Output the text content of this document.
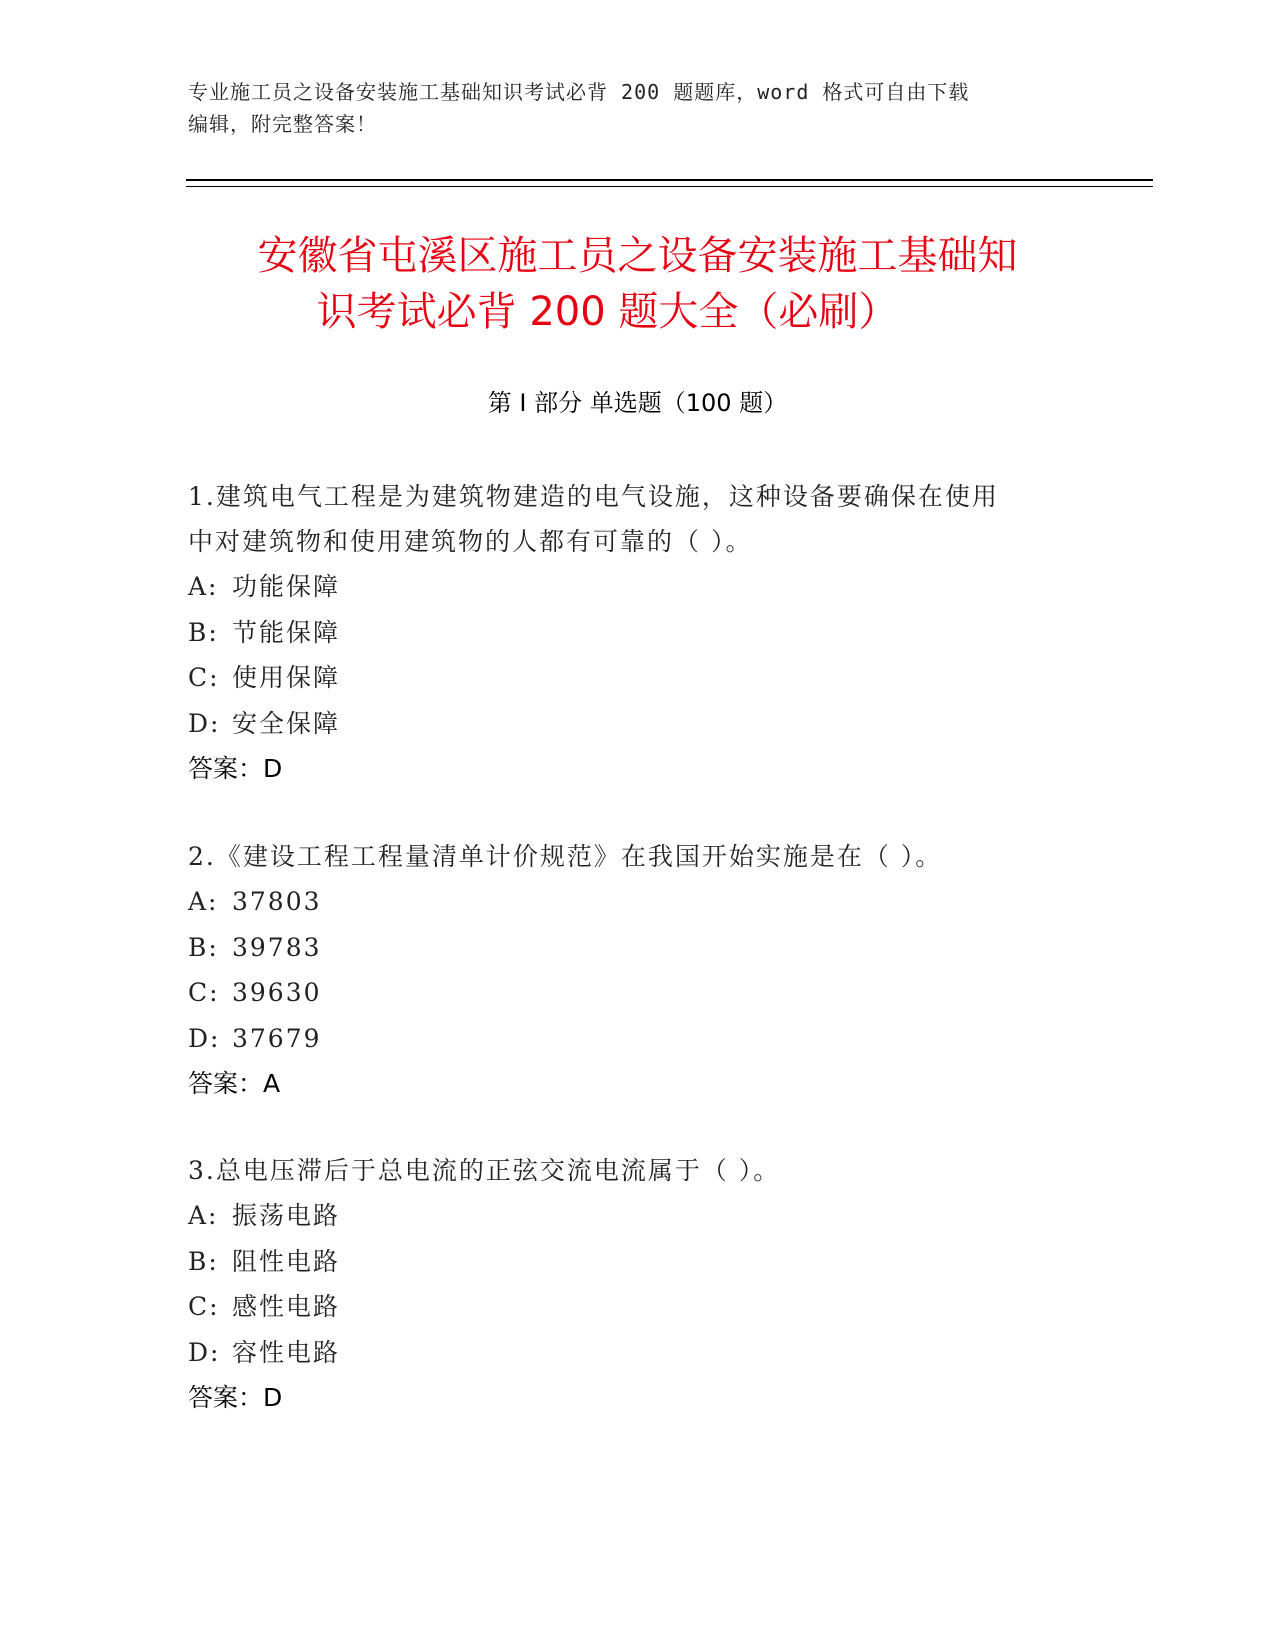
专业施工员之设备安装施工基础知识考试必背 200 题题库，word 格式可自由下载
编辑，附完整答案！
安徽省屯溪区施工员之设备安装施工基础知
识考试必背 200 题大全（必刷）
第 I 部分 单选题（100 题）

1.建筑电气工程是为建筑物建造的电气设施，这种设备要确保在使用
中对建筑物和使用建筑物的人都有可靠的（ ）。

A: 功能保障

B: 节能保障

C: 使用保障

D: 安全保障

答案： D

2.《建设工程工程量清单计价规范》在我国开始实施是在（ ）。

A: 37803

B: 39783

C: 39630

D: 37679

答案： A

3.总电压滞后于总电流的正弦交流电流属于（ ）。

A: 振荡电路

B: 阻性电路

C: 感性电路

D: 容性电路

答案： D
